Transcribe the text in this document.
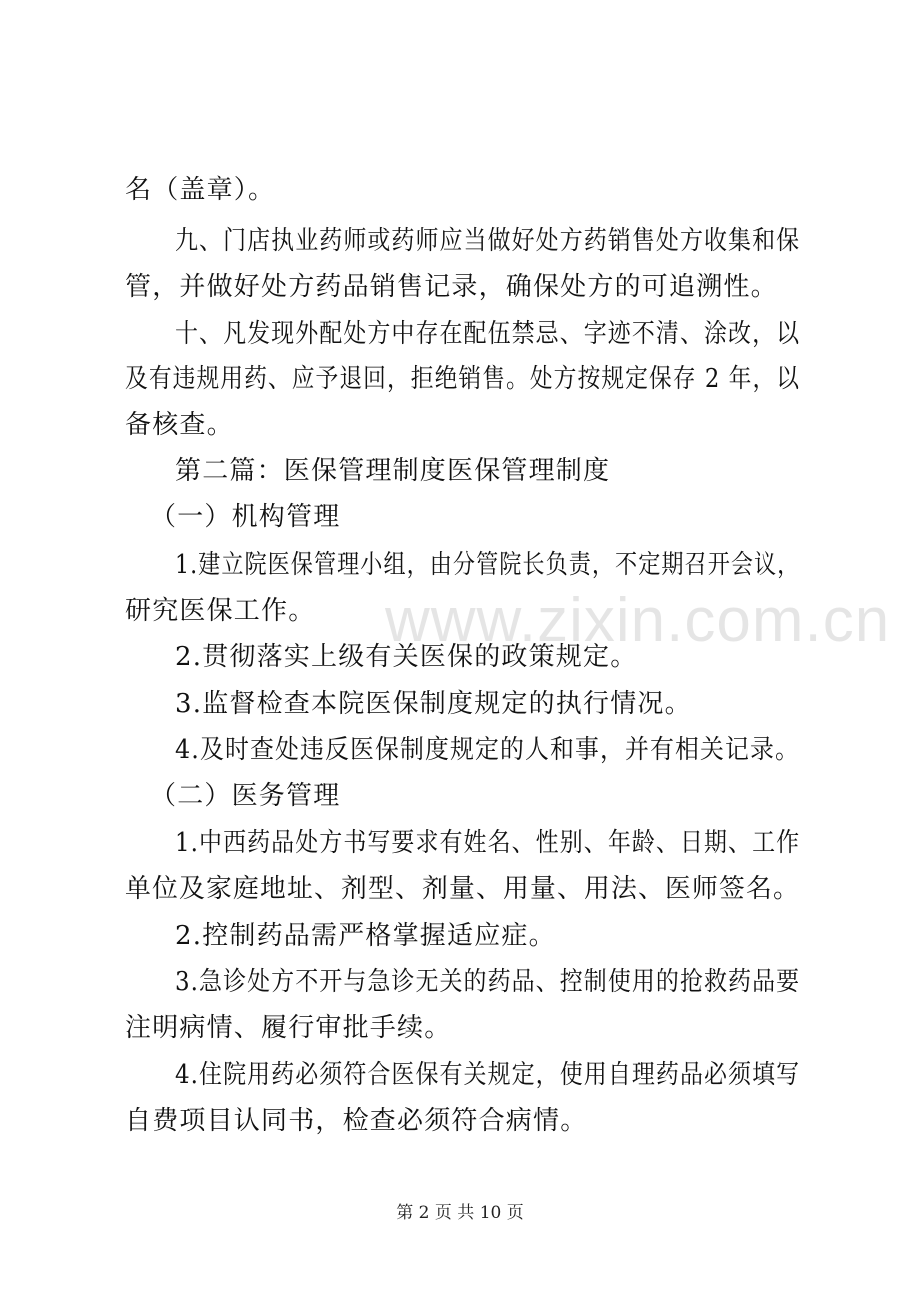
www.zixin.com.cn
名（盖章）。
九、门店执业药师或药师应当做好处方药销售处方收集和保
管，并做好处方药品销售记录，确保处方的可追溯性。
十、凡发现外配处方中存在配伍禁忌、字迹不清、涂改，以
及有违规用药、应予退回，拒绝销售。处方按规定保存 2 年，以
备核查。
第二篇：医保管理制度医保管理制度
（一）机构管理
1.建立院医保管理小组，由分管院长负责，不定期召开会议，
研究医保工作。
2.贯彻落实上级有关医保的政策规定。
3.监督检查本院医保制度规定的执行情况。
4.及时查处违反医保制度规定的人和事，并有相关记录。
（二）医务管理
1.中西药品处方书写要求有姓名、性别、年龄、日期、工作
单位及家庭地址、剂型、剂量、用量、用法、医师签名。
2.控制药品需严格掌握适应症。
3.急诊处方不开与急诊无关的药品、控制使用的抢救药品要
注明病情、履行审批手续。
4.住院用药必须符合医保有关规定，使用自理药品必须填写
自费项目认同书，检查必须符合病情。
第 2 页 共 10 页
